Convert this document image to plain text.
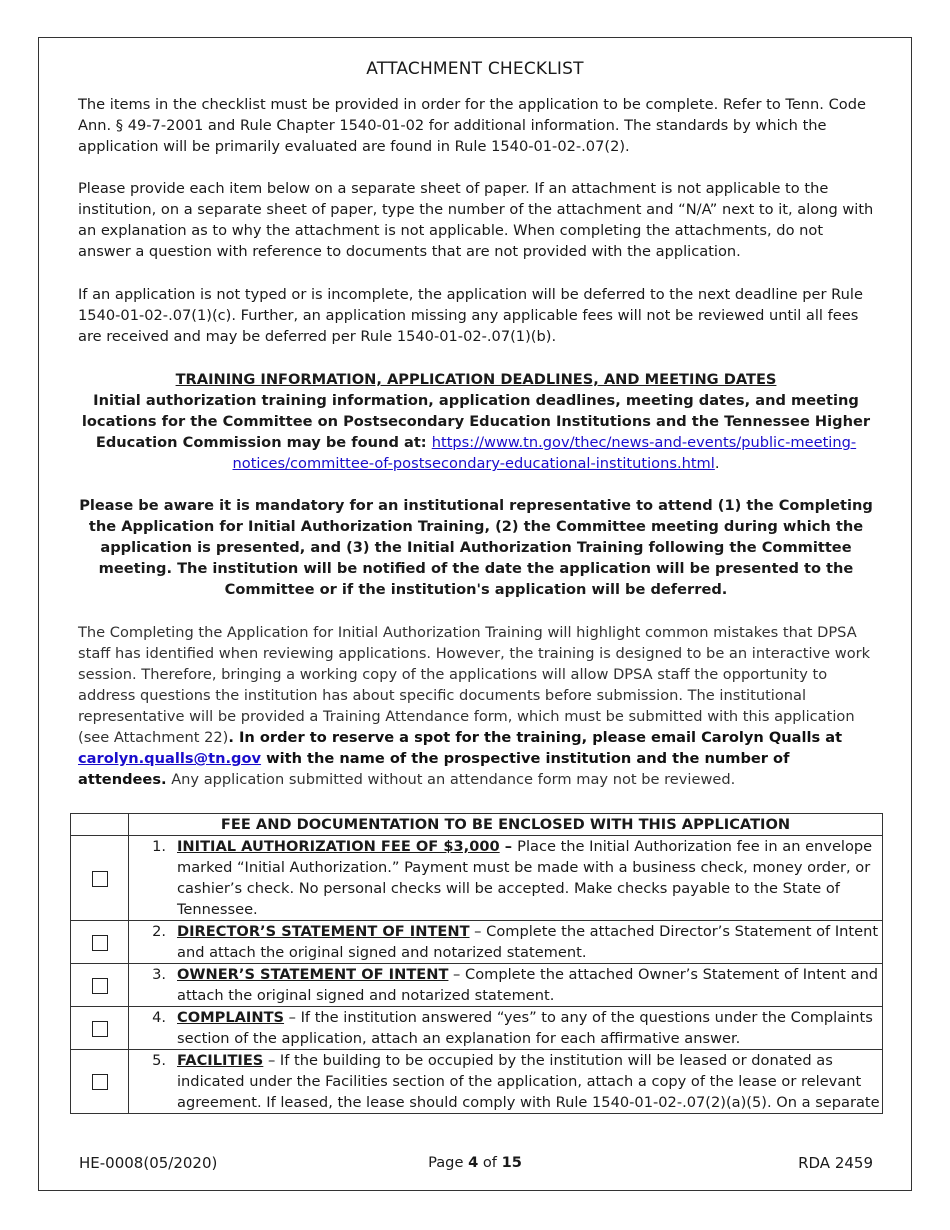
ATTACHMENT CHECKLIST
The items in the checklist must be provided in order for the application to be complete. Refer to Tenn. Code Ann. § 49-7-2001 and Rule Chapter 1540-01-02 for additional information. The standards by which the application will be primarily evaluated are found in Rule 1540-01-02-.07(2).
Please provide each item below on a separate sheet of paper. If an attachment is not applicable to the institution, on a separate sheet of paper, type the number of the attachment and “N/A” next to it, along with an explanation as to why the attachment is not applicable. When completing the attachments, do not answer a question with reference to documents that are not provided with the application.
If an application is not typed or is incomplete, the application will be deferred to the next deadline per Rule 1540-01-02-.07(1)(c). Further, an application missing any applicable fees will not be reviewed until all fees are received and may be deferred per Rule 1540-01-02-.07(1)(b).
TRAINING INFORMATION, APPLICATION DEADLINES, AND MEETING DATES
Initial authorization training information, application deadlines, meeting dates, and meeting locations for the Committee on Postsecondary Education Institutions and the Tennessee Higher Education Commission may be found at: https://www.tn.gov/thec/news-and-events/public-meeting-notices/committee-of-postsecondary-educational-institutions.html.
Please be aware it is mandatory for an institutional representative to attend (1) the Completing the Application for Initial Authorization Training, (2) the Committee meeting during which the application is presented, and (3) the Initial Authorization Training following the Committee meeting. The institution will be notified of the date the application will be presented to the Committee or if the institution's application will be deferred.
The Completing the Application for Initial Authorization Training will highlight common mistakes that DPSA staff has identified when reviewing applications. However, the training is designed to be an interactive work session. Therefore, bringing a working copy of the applications will allow DPSA staff the opportunity to address questions the institution has about specific documents before submission. The institutional representative will be provided a Training Attendance form, which must be submitted with this application (see Attachment 22). In order to reserve a spot for the training, please email Carolyn Qualls at carolyn.qualls@tn.gov with the name of the prospective institution and the number of attendees. Any application submitted without an attendance form may not be reviewed.
	FEE AND DOCUMENTATION TO BE ENCLOSED WITH THIS APPLICATION

	1. INITIAL AUTHORIZATION FEE OF $3,000 – Place the Initial Authorization fee in an envelope marked “Initial Authorization.” Payment must be made with a business check, money order, or cashier’s check. No personal checks will be accepted. Make checks payable to the State of Tennessee.

	2. DIRECTOR’S STATEMENT OF INTENT – Complete the attached Director’s Statement of Intent and attach the original signed and notarized statement.

	3. OWNER’S STATEMENT OF INTENT – Complete the attached Owner’s Statement of Intent and attach the original signed and notarized statement.

	4. COMPLAINTS – If the institution answered “yes” to any of the questions under the Complaints section of the application, attach an explanation for each affirmative answer.

	5. FACILITIES – If the building to be occupied by the institution will be leased or donated as indicated under the Facilities section of the application, attach a copy of the lease or relevant agreement. If leased, the lease should comply with Rule 1540-01-02-.07(2)(a)(5). On a separate
HE-0008(05/2020)	Page 4 of 15	RDA 2459
